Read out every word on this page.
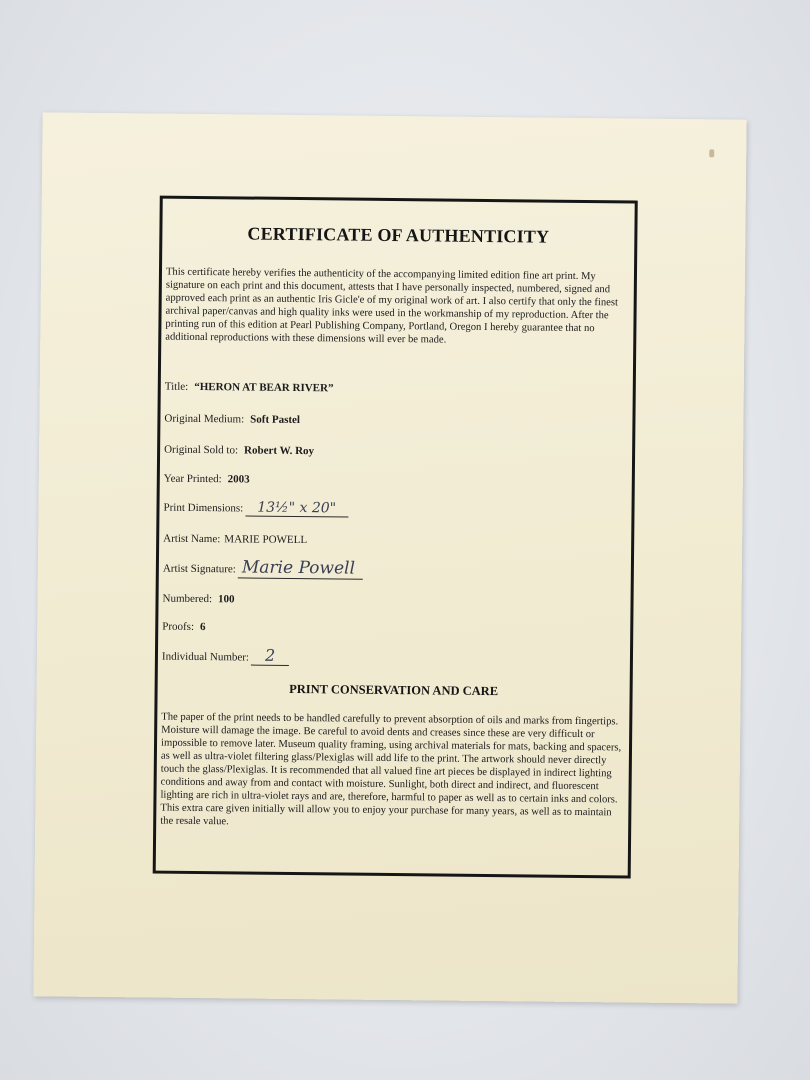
CERTIFICATE OF AUTHENTICITY
This certificate hereby verifies the authenticity of the accompanying limited edition fine art print. My signature on each print and this document, attests that I have personally inspected, numbered, signed and approved each print as an authentic Iris Gicle'e of my original work of art. I also certify that only the finest archival paper/canvas and high quality inks were used in the workmanship of my reproduction. After the printing run of this edition at Pearl Publishing Company, Portland, Oregon I hereby guarantee that no additional reproductions with these dimensions will ever be made.
Title: “HERON AT BEAR RIVER”
Original Medium: Soft Pastel
Original Sold to: Robert W. Roy
Year Printed: 2003
Print Dimensions: 13½" x 20"
Artist Name: MARIE POWELL
Artist Signature: Marie Powell
Numbered: 100
Proofs: 6
Individual Number: 2
PRINT CONSERVATION AND CARE
The paper of the print needs to be handled carefully to prevent absorption of oils and marks from fingertips. Moisture will damage the image. Be careful to avoid dents and creases since these are very difficult or impossible to remove later. Museum quality framing, using archival materials for mats, backing and spacers, as well as ultra-violet filtering glass/Plexiglas will add life to the print. The artwork should never directly touch the glass/Plexiglas. It is recommended that all valued fine art pieces be displayed in indirect lighting conditions and away from and contact with moisture. Sunlight, both direct and indirect, and fluorescent lighting are rich in ultra-violet rays and are, therefore, harmful to paper as well as to certain inks and colors. This extra care given initially will allow you to enjoy your purchase for many years, as well as to maintain the resale value.
